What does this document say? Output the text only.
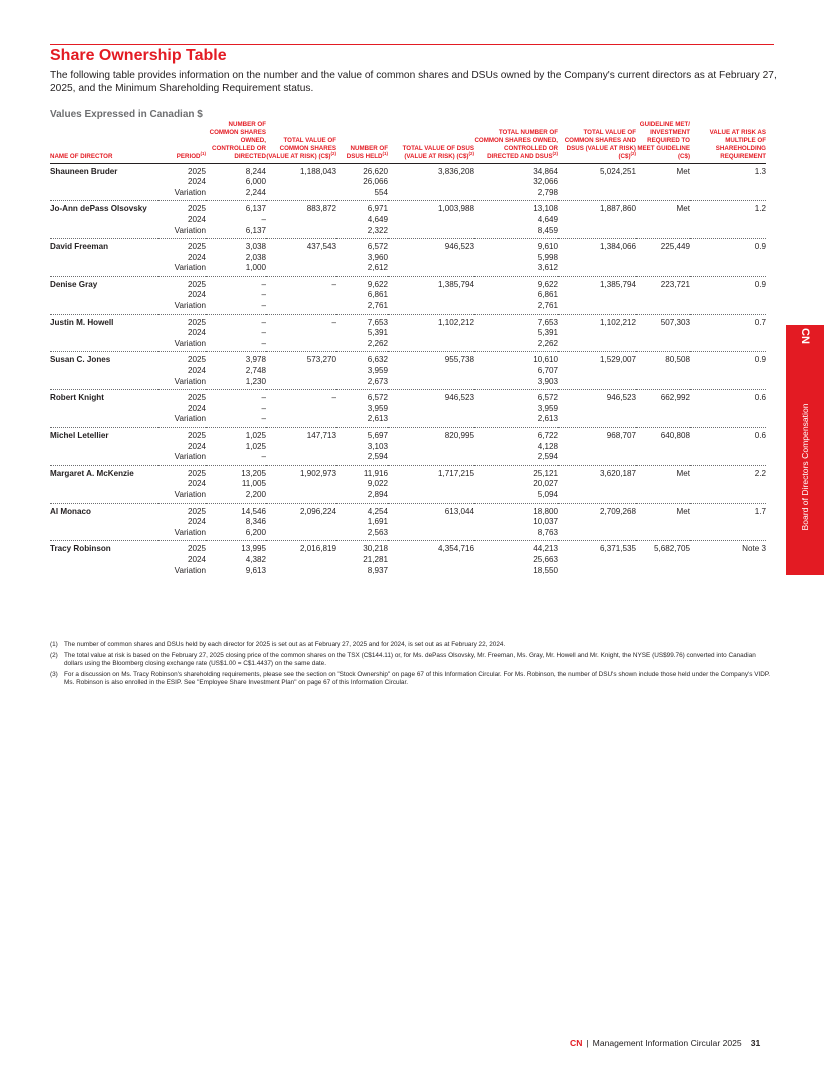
Share Ownership Table

The following table provides information on the number and the value of common shares and DSUs owned by the Company's current directors as at February 27, 2025, and the Minimum Shareholding Requirement status.

Values Expressed in Canadian $
NAME OF DIRECTOR	PERIOD$^{(1)}$	NUMBER OF COMMON SHARES OWNED, CONTROLLED OR DIRECTED	TOTAL VALUE OF COMMON SHARES (VALUE AT RISK) (C$)$^{(2)}$	NUMBER OF DSUS HELD$^{(1)}$	TOTAL VALUE OF DSUS (VALUE AT RISK) (C$)$^{(2)}$	TOTAL NUMBER OF COMMON SHARES OWNED, CONTROLLED OR DIRECTED AND DSUS$^{(2)}$	TOTAL VALUE OF COMMON SHARES AND DSUS (VALUE AT RISK) (C$)$^{(2)}$	GUIDELINE MET/ INVESTMENT REQUIRED TO MEET GUIDELINE (C$)	VALUE AT RISK AS MULTIPLE OF SHAREHOLDING REQUIREMENT
Shauneen Bruder	2025	8,244	1,188,043	26,620	3,836,208	34,864	5,024,251	Met	1.3
	2024	6,000		26,066		32,066			
	Variation	2,244		554		2,798			
Jo-Ann dePass Olsovsky	2025	6,137	883,872	6,971	1,003,988	13,108	1,887,860	Met	1.2
	2024	–		4,649		4,649			
	Variation	6,137		2,322		8,459			
David Freeman	2025	3,038	437,543	6,572	946,523	9,610	1,384,066	225,449	0.9
	2024	2,038		3,960		5,998			
	Variation	1,000		2,612		3,612			
Denise Gray	2025	–	–	9,622	1,385,794	9,622	1,385,794	223,721	0.9
	2024	–		6,861		6,861			
	Variation	–		2,761		2,761			
Justin M. Howell	2025	–	–	7,653	1,102,212	7,653	1,102,212	507,303	0.7
	2024	–		5,391		5,391			
	Variation	–		2,262		2,262			
Susan C. Jones	2025	3,978	573,270	6,632	955,738	10,610	1,529,007	80,508	0.9
	2024	2,748		3,959		6,707			
	Variation	1,230		2,673		3,903			
Robert Knight	2025	–	–	6,572	946,523	6,572	946,523	662,992	0.6
	2024	–		3,959		3,959			
	Variation	–		2,613		2,613			
Michel Letellier	2025	1,025	147,713	5,697	820,995	6,722	968,707	640,808	0.6
	2024	1,025		3,103		4,128			
	Variation	–		2,594		2,594			
Margaret A. McKenzie	2025	13,205	1,902,973	11,916	1,717,215	25,121	3,620,187	Met	2.2
	2024	11,005		9,022		20,027			
	Variation	2,200		2,894		5,094			
Al Monaco	2025	14,546	2,096,224	4,254	613,044	18,800	2,709,268	Met	1.7
	2024	8,346		1,691		10,037			
	Variation	6,200		2,563		8,763			
Tracy Robinson	2025	13,995	2,016,819	30,218	4,354,716	44,213	6,371,535	5,682,705	Note 3
	2024	4,382		21,281		25,663			
	Variation	9,613		8,937		18,550			
(1) The number of common shares and DSUs held by each director for 2025 is set out as at February 27, 2025 and for 2024, is set out as at February 22, 2024.
(2) The total value at risk is based on the February 27, 2025 closing price of the common shares on the TSX (C$144.11) or, for Ms. dePass Olsovsky, Mr. Freeman, Ms. Gray, Mr. Howell and Mr. Knight, the NYSE (US$99.76) converted into Canadian dollars using the Bloomberg closing exchange rate (US$1.00 = C$1.4437) on the same date.
(3) For a discussion on Ms. Tracy Robinson's shareholding requirements, please see the section on "Stock Ownership" on page 67 of this Information Circular. For Ms. Robinson, the number of DSU's shown include those held under the Company's VIDP. Ms. Robinson is also enrolled in the ESIP. See "Employee Share Investment Plan" on page 67 of this Information Circular.
CN
Board of Directors Compensation
CN | Management Information Circular 2025 31
